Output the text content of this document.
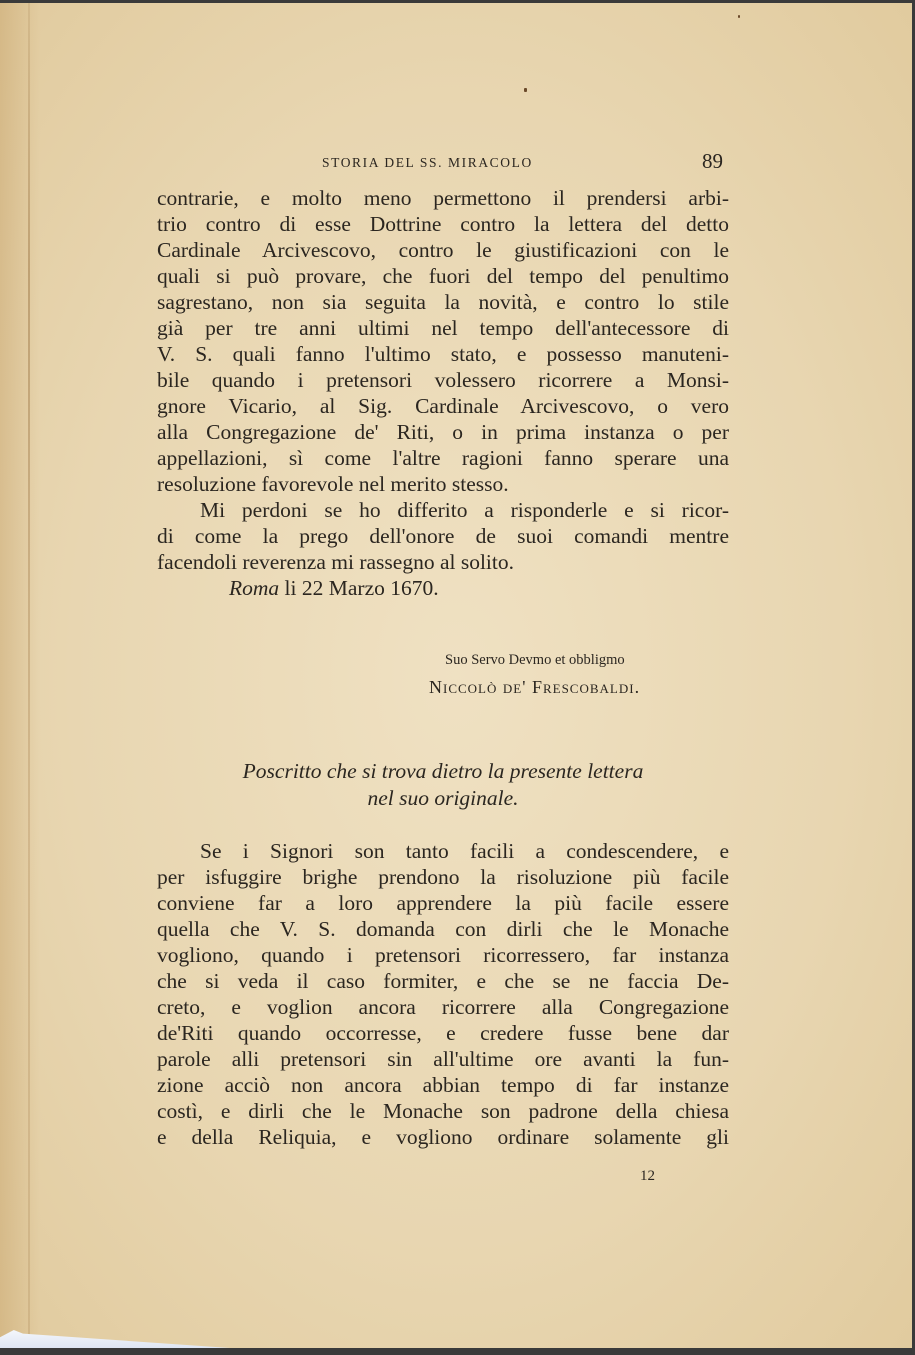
STORIA DEL SS. MIRACOLO	89
contrarie, e molto meno permettono il prendersi arbi-
trio contro di esse Dottrine contro la lettera del detto
Cardinale Arcivescovo, contro le giustificazioni con le
quali si può provare, che fuori del tempo del penultimo
sagrestano, non sia seguita la novità, e contro lo stile
già per tre anni ultimi nel tempo dell'antecessore di
V. S. quali fanno l'ultimo stato, e possesso manuteni-
bile quando i pretensori volessero ricorrere a Monsi-
gnore Vicario, al Sig. Cardinale Arcivescovo, o vero
alla Congregazione de' Riti, o in prima instanza o per
appellazioni, sì come l'altre ragioni fanno sperare una
resoluzione favorevole nel merito stesso.
Mi perdoni se ho differito a risponderle e si ricor-
di come la prego dell'onore de suoi comandi mentre
facendoli reverenza mi rassegno al solito.
Roma li 22 Marzo 1670.
Suo Servo Devmo et obbligmo
Niccolò de' Frescobaldi.
Poscritto che si trova dietro la presente lettera
nel suo originale.
Se i Signori son tanto facili a condescendere, e
per isfuggire brighe prendono la risoluzione più facile
conviene far a loro apprendere la più facile essere
quella che V. S. domanda con dirli che le Monache
vogliono, quando i pretensori ricorressero, far instanza
che si veda il caso formiter, e che se ne faccia De-
creto, e voglion ancora ricorrere alla Congregazione
de'Riti quando occorresse, e credere fusse bene dar
parole alli pretensori sin all'ultime ore avanti la fun-
zione acciò non ancora abbian tempo di far instanze
costì, e dirli che le Monache son padrone della chiesa
e della Reliquia, e vogliono ordinare solamente gli
12
